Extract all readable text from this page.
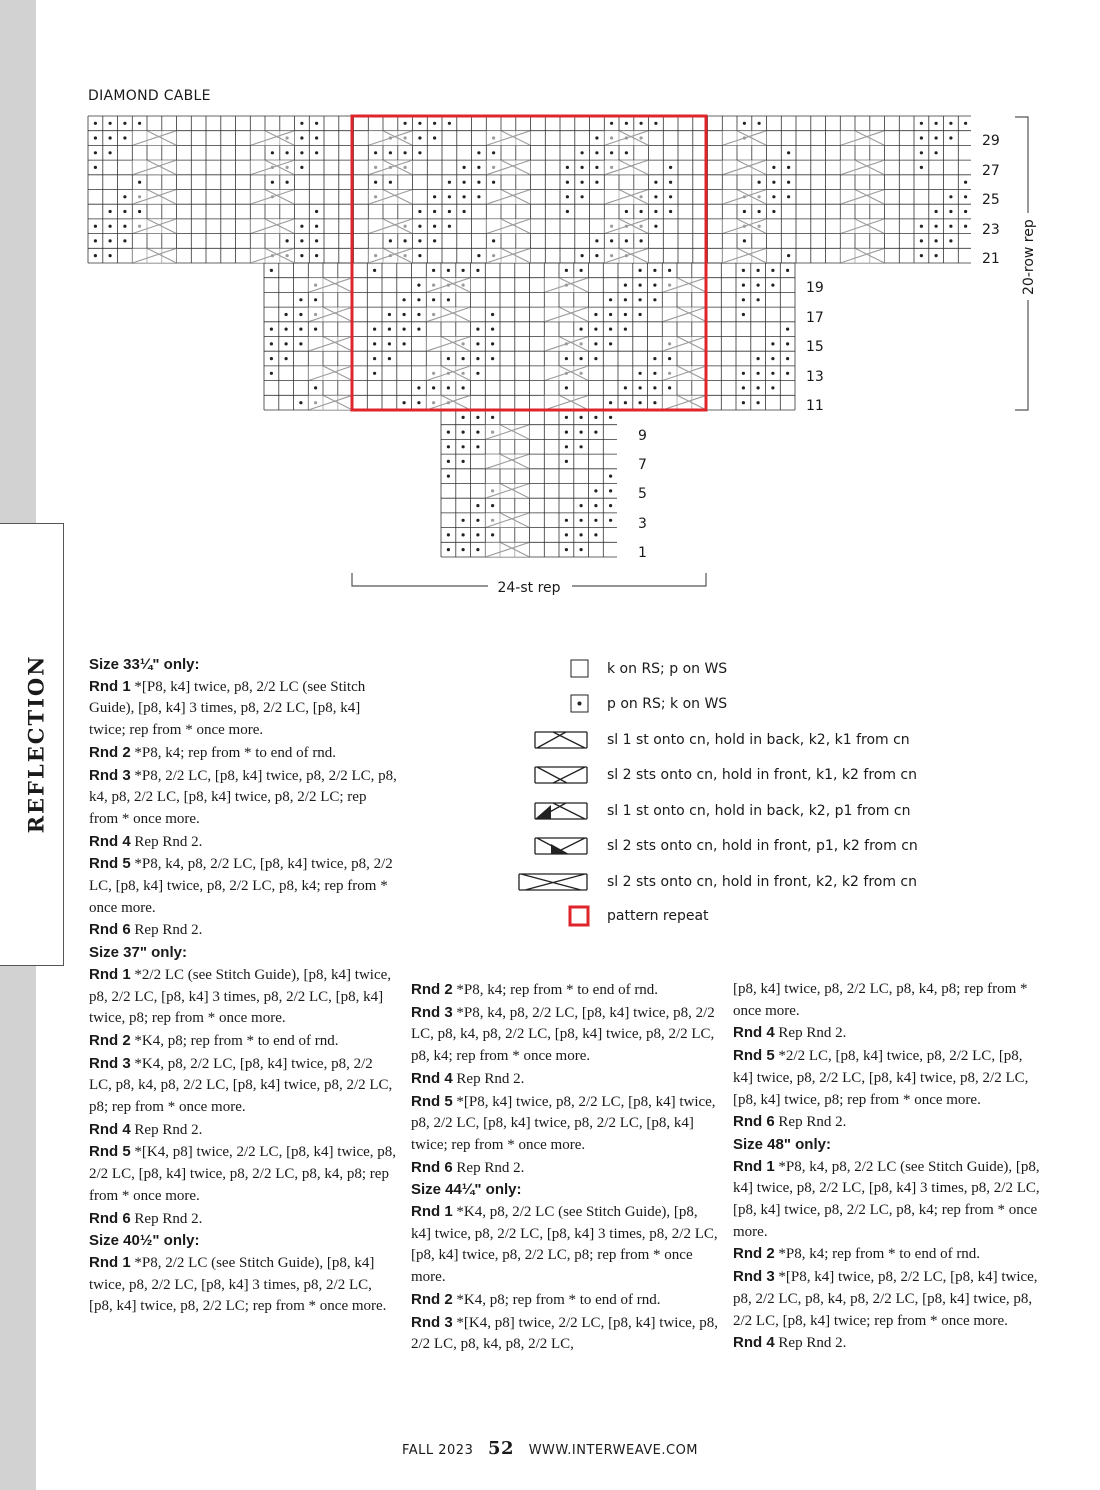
REFLECTION
DIAMOND CABLE
29
27
25
23
21
19
17
15
13
11
9
7
5
3
1
20-row rep
24-st rep

Size 33¼" only:

Rnd 1 *[P8, k4] twice, p8, 2/2 LC (see Stitch Guide), [p8, k4] 3 times, p8, 2/2 LC, [p8, k4] twice; rep from * once more.

Rnd 2 *P8, k4; rep from * to end of rnd.

Rnd 3 *P8, 2/2 LC, [p8, k4] twice, p8, 2/2 LC, p8, k4, p8, 2/2 LC, [p8, k4] twice, p8, 2/2 LC; rep from * once more.

Rnd 4 Rep Rnd 2.

Rnd 5 *P8, k4, p8, 2/2 LC, [p8, k4] twice, p8, 2/2 LC, [p8, k4] twice, p8, 2/2 LC, p8, k4; rep from * once more.

Rnd 6 Rep Rnd 2.

Size 37" only:

Rnd 1 *2/2 LC (see Stitch Guide), [p8, k4] twice, p8, 2/2 LC, [p8, k4] 3 times, p8, 2/2 LC, [p8, k4] twice, p8; rep from * once more.

Rnd 2 *K4, p8; rep from * to end of rnd.

Rnd 3 *K4, p8, 2/2 LC, [p8, k4] twice, p8, 2/2 LC, p8, k4, p8, 2/2 LC, [p8, k4] twice, p8, 2/2 LC, p8; rep from * once more.

Rnd 4 Rep Rnd 2.

Rnd 5 *[K4, p8] twice, 2/2 LC, [p8, k4] twice, p8, 2/2 LC, [p8, k4] twice, p8, 2/2 LC, p8, k4, p8; rep from * once more.

Rnd 6 Rep Rnd 2.

Size 40½" only:

Rnd 1 *P8, 2/2 LC (see Stitch Guide), [p8, k4] twice, p8, 2/2 LC, [p8, k4] 3 times, p8, 2/2 LC, [p8, k4] twice, p8, 2/2 LC; rep from * once more.

Rnd 2 *P8, k4; rep from * to end of rnd.

Rnd 3 *P8, k4, p8, 2/2 LC, [p8, k4] twice, p8, 2/2 LC, p8, k4, p8, 2/2 LC, [p8, k4] twice, p8, 2/2 LC, p8, k4; rep from * once more.

Rnd 4 Rep Rnd 2.

Rnd 5 *[P8, k4] twice, p8, 2/2 LC, [p8, k4] twice, p8, 2/2 LC, [p8, k4] twice, p8, 2/2 LC, [p8, k4] twice; rep from * once more.

Rnd 6 Rep Rnd 2.

Size 44¼" only:

Rnd 1 *K4, p8, 2/2 LC (see Stitch Guide), [p8, k4] twice, p8, 2/2 LC, [p8, k4] 3 times, p8, 2/2 LC, [p8, k4] twice, p8, 2/2 LC, p8; rep from * once more.

Rnd 2 *K4, p8; rep from * to end of rnd.

Rnd 3 *[K4, p8] twice, 2/2 LC, [p8, k4] twice, p8, 2/2 LC, p8, k4, p8, 2/2 LC,

[p8, k4] twice, p8, 2/2 LC, p8, k4, p8; rep from * once more.

Rnd 4 Rep Rnd 2.

Rnd 5 *2/2 LC, [p8, k4] twice, p8, 2/2 LC, [p8, k4] twice, p8, 2/2 LC, [p8, k4] twice, p8, 2/2 LC, [p8, k4] twice, p8; rep from * once more.

Rnd 6 Rep Rnd 2.

Size 48" only:

Rnd 1 *P8, k4, p8, 2/2 LC (see Stitch Guide), [p8, k4] twice, p8, 2/2 LC, [p8, k4] 3 times, p8, 2/2 LC, [p8, k4] twice, p8, 2/2 LC, p8, k4; rep from * once more.

Rnd 2 *P8, k4; rep from * to end of rnd.

Rnd 3 *[P8, k4] twice, p8, 2/2 LC, [p8, k4] twice, p8, 2/2 LC, p8, k4, p8, 2/2 LC, [p8, k4] twice, p8, 2/2 LC, [p8, k4] twice; rep from * once more.

Rnd 4 Rep Rnd 2.

k on RS; p on WS
p on RS; k on WS
sl 1 st onto cn, hold in back, k2, k1 from cn
sl 2 sts onto cn, hold in front, k1, k2 from cn
sl 1 st onto cn, hold in back, k2, p1 from cn
sl 2 sts onto cn, hold in front, p1, k2 from cn
sl 2 sts onto cn, hold in front, k2, k2 from cn
pattern repeat
FALL 2023 52 WWW.INTERWEAVE.COM
